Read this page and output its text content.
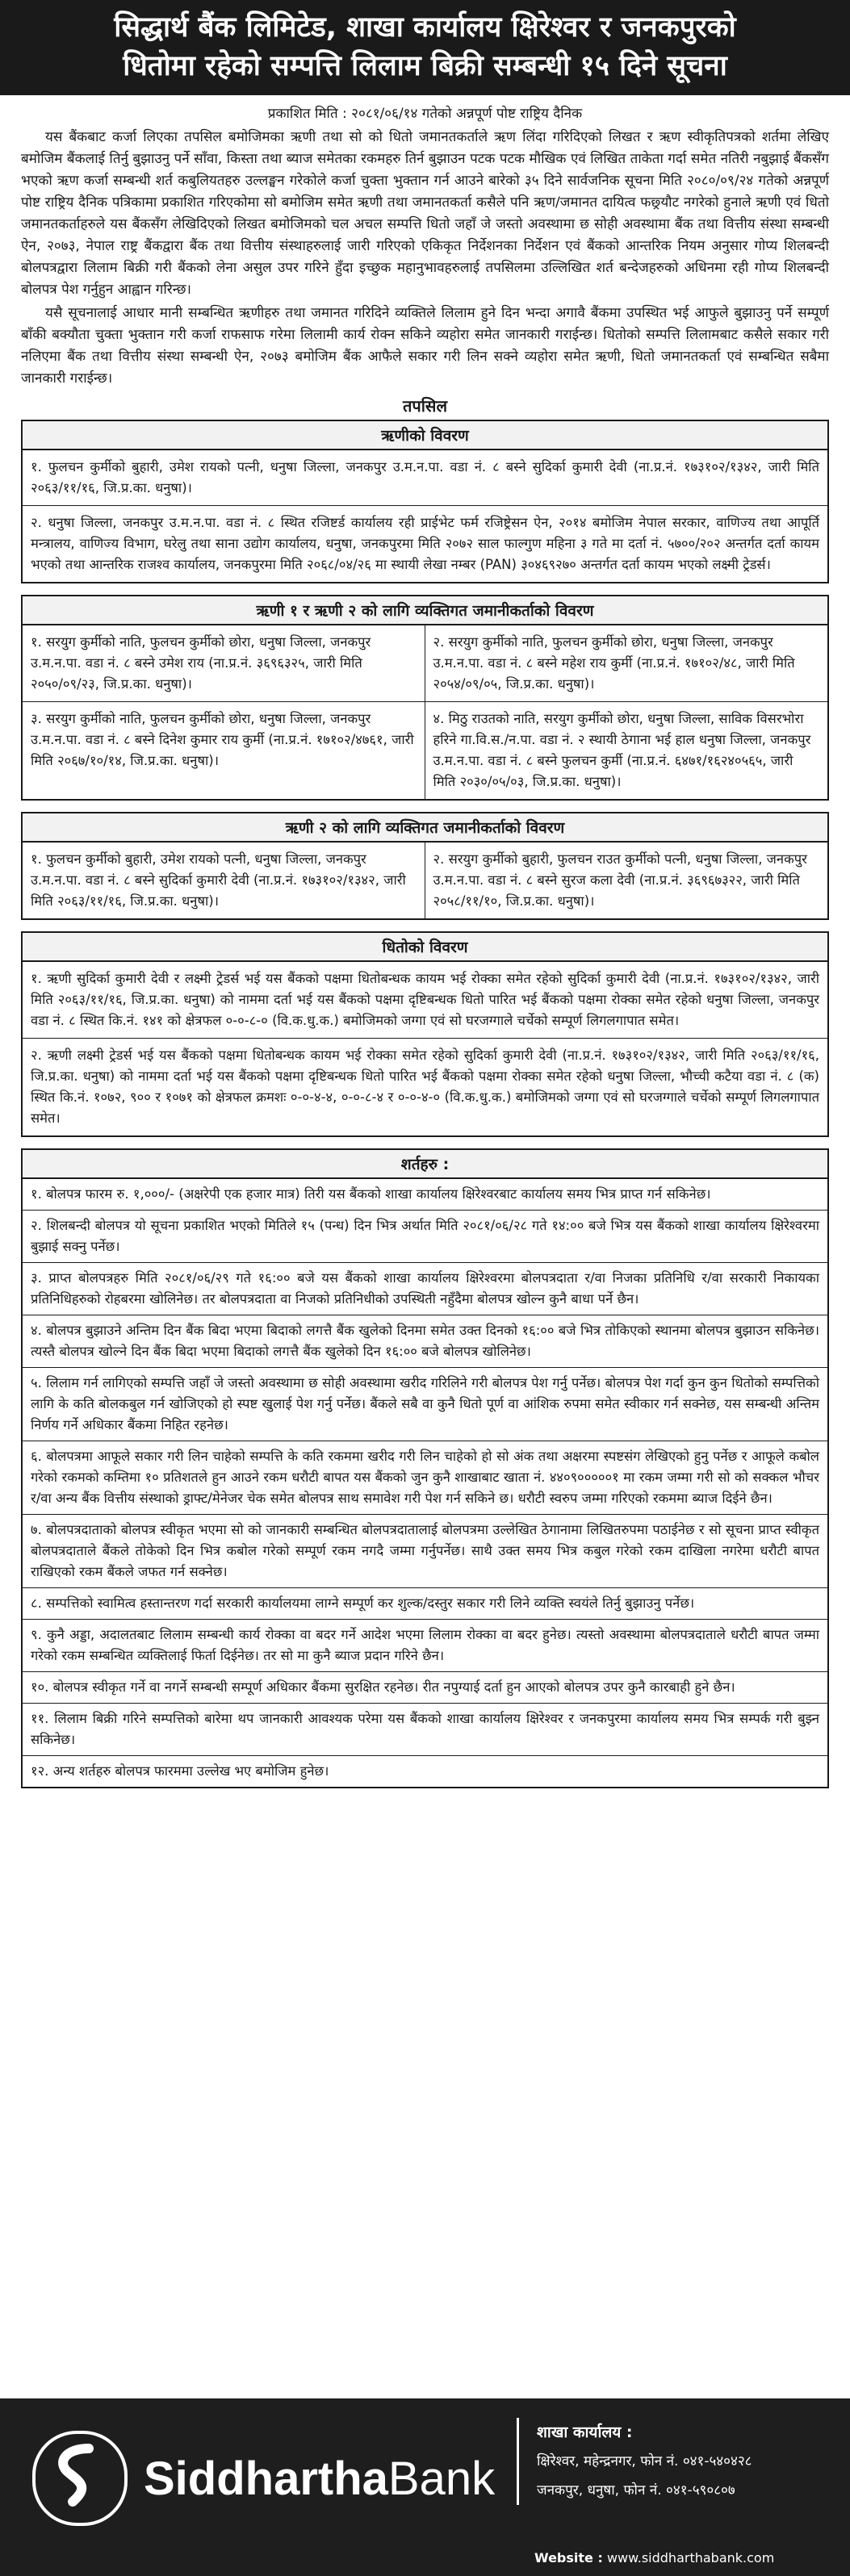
सिद्धार्थ बैंक लिमिटेड, शाखा कार्यालय क्षिरेश्वर र जनकपुरको
धितोमा रहेको सम्पत्ति लिलाम बिक्री सम्बन्धी १५ दिने सूचना
प्रकाशित मिति : २०८१/०६/१४ गतेको अन्नपूर्ण पोष्ट राष्ट्रिय दैनिक

यस बैंकबाट कर्जा लिएका तपसिल बमोजिमका ऋणी तथा सो को धितो जमानतकर्ताले ऋण लिंदा गरिदिएको लिखत र ऋण स्वीकृतिपत्रको शर्तमा लेखिए बमोजिम बैंकलाई तिर्नु बुझाउनु पर्ने साँवा, किस्ता तथा ब्याज समेतका रकमहरु तिर्न बुझाउन पटक पटक मौखिक एवं लिखित ताकेता गर्दा समेत नतिरी नबुझाई बैंकसँग भएको ऋण कर्जा सम्बन्धी शर्त कबुलियतहरु उल्लङ्घन गरेकोले कर्जा चुक्ता भुक्तान गर्न आउने बारेको ३५ दिने सार्वजनिक सूचना मिति २०८०/०९/२४ गतेको अन्नपूर्ण पोष्ट राष्ट्रिय दैनिक पत्रिकामा प्रकाशित गरिएकोमा सो बमोजिम समेत ऋणी तथा जमानतकर्ता कसैले पनि ऋण/जमानत दायित्व फछ्र्यौट नगरेको हुनाले ऋणी एवं धितो जमानतकर्ताहरुले यस बैंकसँग लेखिदिएको लिखत बमोजिमको चल अचल सम्पत्ति धितो जहाँ जे जस्तो अवस्थामा छ सोही अवस्थामा बैंक तथा वित्तीय संस्था सम्बन्धी ऐन, २०७३, नेपाल राष्ट्र बैंकद्वारा बैंक तथा वित्तीय संस्थाहरुलाई जारी गरिएको एकिकृत निर्देशनका निर्देशन एवं बैंकको आन्तरिक नियम अनुसार गोप्य शिलबन्दी बोलपत्रद्वारा लिलाम बिक्री गरी बैंकको लेना असुल उपर गरिने हुँदा इच्छुक महानुभावहरुलाई तपसिलमा उल्लिखित शर्त बन्देजहरुको अधिनमा रही गोप्य शिलबन्दी बोलपत्र पेश गर्नुहुन आह्वान गरिन्छ।

यसै सूचनालाई आधार मानी सम्बन्धित ऋणीहरु तथा जमानत गरिदिने व्यक्तिले लिलाम हुने दिन भन्दा अगावै बैंकमा उपस्थित भई आफुले बुझाउनु पर्ने सम्पूर्ण बाँकी बक्यौता चुक्ता भुक्तान गरी कर्जा राफसाफ गरेमा लिलामी कार्य रोक्न सकिने व्यहोरा समेत जानकारी गराईन्छ। धितोको सम्पत्ति लिलामबाट कसैले सकार गरी नलिएमा बैंक तथा वित्तीय संस्था सम्बन्धी ऐन, २०७३ बमोजिम बैंक आफैले सकार गरी लिन सक्ने व्यहोरा समेत ऋणी, धितो जमानतकर्ता एवं सम्बन्धित सबैमा जानकारी गराईन्छ।

तपसिल
ऋणीको विवरण
१. फुलचन कुर्मीको बुहारी, उमेश रायको पत्नी, धनुषा जिल्ला, जनकपुर उ.म.न.पा. वडा नं. ८ बस्ने सुदिर्का कुमारी देवी (ना.प्र.नं. १७३१०२/१३४२, जारी मिति २०६३/११/१६, जि.प्र.का. धनुषा)।
२. धनुषा जिल्ला, जनकपुर उ.म.न.पा. वडा नं. ८ स्थित रजिष्टर्ड कार्यालय रही प्राईभेट फर्म रजिष्ट्रेसन ऐन, २०१४ बमोजिम नेपाल सरकार, वाणिज्य तथा आपूर्ति मन्त्रालय, वाणिज्य विभाग, घरेलु तथा साना उद्योग कार्यालय, धनुषा, जनकपुरमा मिति २०७२ साल फाल्गुण महिना ३ गते मा दर्ता नं. ५७००/२०२ अन्तर्गत दर्ता कायम भएको तथा आन्तरिक राजश्व कार्यालय, जनकपुरमा मिति २०६८/०४/२६ मा स्थायी लेखा नम्बर (PAN) ३०४६९२७० अन्तर्गत दर्ता कायम भएको लक्ष्मी ट्रेडर्स।
ऋणी १ र ऋणी २ को लागि व्यक्तिगत जमानीकर्ताको विवरण
१. सरयुग कुर्मीको नाति, फुलचन कुर्मीको छोरा, धनुषा जिल्ला, जनकपुर उ.म.न.पा. वडा नं. ८ बस्ने उमेश राय (ना.प्र.नं. ३६९६३२५, जारी मिति २०५०/०९/२३, जि.प्र.का. धनुषा)।
२. सरयुग कुर्मीको नाति, फुलचन कुर्मीको छोरा, धनुषा जिल्ला, जनकपुर उ.म.न.पा. वडा नं. ८ बस्ने महेश राय कुर्मी (ना.प्र.नं. १७१०२/४८, जारी मिति २०५४/०९/०५, जि.प्र.का. धनुषा)।
३. सरयुग कुर्मीको नाति, फुलचन कुर्मीको छोरा, धनुषा जिल्ला, जनकपुर उ.म.न.पा. वडा नं. ८ बस्ने दिनेश कुमार राय कुर्मी (ना.प्र.नं. १७१०२/४७६१, जारी मिति २०६७/१०/१४, जि.प्र.का. धनुषा)।
४. मिठु राउतको नाति, सरयुग कुर्मीको छोरा, धनुषा जिल्ला, साविक विसरभोरा हरिने गा.वि.स./न.पा. वडा नं. २ स्थायी ठेगाना भई हाल धनुषा जिल्ला, जनकपुर उ.म.न.पा. वडा नं. ८ बस्ने फुलचन कुर्मी (ना.प्र.नं. ६४७१/१६२४०५६५, जारी मिति २०३०/०५/०३, जि.प्र.का. धनुषा)।
ऋणी २ को लागि व्यक्तिगत जमानीकर्ताको विवरण
१. फुलचन कुर्मीको बुहारी, उमेश रायको पत्नी, धनुषा जिल्ला, जनकपुर उ.म.न.पा. वडा नं. ८ बस्ने सुदिर्का कुमारी देवी (ना.प्र.नं. १७३१०२/१३४२, जारी मिति २०६३/११/१६, जि.प्र.का. धनुषा)।
२. सरयुग कुर्मीको बुहारी, फुलचन राउत कुर्मीको पत्नी, धनुषा जिल्ला, जनकपुर उ.म.न.पा. वडा नं. ८ बस्ने सुरज कला देवी (ना.प्र.नं. ३६९६७३२२, जारी मिति २०५८/११/१०, जि.प्र.का. धनुषा)।
धितोको विवरण
१. ऋणी सुदिर्का कुमारी देवी र लक्ष्मी ट्रेडर्स भई यस बैंकको पक्षमा धितोबन्धक कायम भई रोक्का समेत रहेको सुदिर्का कुमारी देवी (ना.प्र.नं. १७३१०२/१३४२, जारी मिति २०६३/११/१६, जि.प्र.का. धनुषा) को नाममा दर्ता भई यस बैंकको पक्षमा दृष्टिबन्धक धितो पारित भई बैंकको पक्षमा रोक्का समेत रहेको धनुषा जिल्ला, जनकपुर वडा नं. ८ स्थित कि.नं. १४१ को क्षेत्रफल ०-०-८-० (वि.क.धु.क.) बमोजिमको जग्गा एवं सो घरजग्गाले चर्चेको सम्पूर्ण लिगलगापात समेत।
२. ऋणी लक्ष्मी ट्रेडर्स भई यस बैंकको पक्षमा धितोबन्धक कायम भई रोक्का समेत रहेको सुदिर्का कुमारी देवी (ना.प्र.नं. १७३१०२/१३४२, जारी मिति २०६३/११/१६, जि.प्र.का. धनुषा) को नाममा दर्ता भई यस बैंकको पक्षमा दृष्टिबन्धक धितो पारित भई बैंकको पक्षमा रोक्का समेत रहेको धनुषा जिल्ला, भौच्ची कटैया वडा नं. ८ (क) स्थित कि.नं. १०७२, ९०० र १०७१ को क्षेत्रफल क्रमशः ०-०-४-४, ०-०-८-४ र ०-०-४-० (वि.क.धु.क.) बमोजिमको जग्गा एवं सो घरजग्गाले चर्चेको सम्पूर्ण लिगलगापात समेत।
शर्तहरु :
१. बोलपत्र फारम रु. १,०००/- (अक्षरेपी एक हजार मात्र) तिरी यस बैंकको शाखा कार्यालय क्षिरेश्वरबाट कार्यालय समय भित्र प्राप्त गर्न सकिनेछ।
२. शिलबन्दी बोलपत्र यो सूचना प्रकाशित भएको मितिले १५ (पन्ध) दिन भित्र अर्थात मिति २०८१/०६/२८ गते १४:०० बजे भित्र यस बैंकको शाखा कार्यालय क्षिरेश्वरमा बुझाई सक्नु पर्नेछ।
३. प्राप्त बोलपत्रहरु मिति २०८१/०६/२९ गते १६:०० बजे यस बैंकको शाखा कार्यालय क्षिरेश्वरमा बोलपत्रदाता र/वा निजका प्रतिनिधि र/वा सरकारी निकायका प्रतिनिधिहरुको रोहबरमा खोलिनेछ। तर बोलपत्रदाता वा निजको प्रतिनिधीको उपस्थिती नहुँदैमा बोलपत्र खोल्न कुनै बाधा पर्ने छैन।
४. बोलपत्र बुझाउने अन्तिम दिन बैंक बिदा भएमा बिदाको लगत्तै बैंक खुलेको दिनमा समेत उक्त दिनको १६:०० बजे भित्र तोकिएको स्थानमा बोलपत्र बुझाउन सकिनेछ। त्यस्तै बोलपत्र खोल्ने दिन बैंक बिदा भएमा बिदाको लगत्तै बैंक खुलेको दिन १६:०० बजे बोलपत्र खोलिनेछ।
५. लिलाम गर्न लागिएको सम्पत्ति जहाँ जे जस्तो अवस्थामा छ सोही अवस्थामा खरीद गरिलिने गरी बोलपत्र पेश गर्नु पर्नेछ। बोलपत्र पेश गर्दा कुन कुन धितोको सम्पत्तिको लागि के कति बोलकबुल गर्न खोजिएको हो स्पष्ट खुलाई पेश गर्नु पर्नेछ। बैंकले सबै वा कुनै धितो पूर्ण वा आंशिक रुपमा समेत स्वीकार गर्न सक्नेछ, यस सम्बन्धी अन्तिम निर्णय गर्ने अधिकार बैंकमा निहित रहनेछ।
६. बोलपत्रमा आफूले सकार गरी लिन चाहेको सम्पत्ति के कति रकममा खरीद गरी लिन चाहेको हो सो अंक तथा अक्षरमा स्पष्टसंग लेखिएको हुनु पर्नेछ र आफूले कबोल गरेको रकमको कम्तिमा १० प्रतिशतले हुन आउने रकम धरौटी बापत यस बैंकको जुन कुनै शाखाबाट खाता नं. ४४०९०००००१ मा रकम जम्मा गरी सो को सक्कल भौचर र/वा अन्य बैंक वित्तीय संस्थाको ड्राफ्ट/मेनेजर चेक समेत बोलपत्र साथ समावेश गरी पेश गर्न सकिने छ। धरौटी स्वरुप जम्मा गरिएको रकममा ब्याज दिईने छैन।
७. बोलपत्रदाताको बोलपत्र स्वीकृत भएमा सो को जानकारी सम्बन्धित बोलपत्रदातालाई बोलपत्रमा उल्लेखित ठेगानामा लिखितरुपमा पठाईनेछ र सो सूचना प्राप्त स्वीकृत बोलपत्रदाताले बैंकले तोकेको दिन भित्र कबोल गरेको सम्पूर्ण रकम नगदै जम्मा गर्नुपर्नेछ। साथै उक्त समय भित्र कबुल गरेको रकम दाखिला नगरेमा धरौटी बापत राखिएको रकम बैंकले जफत गर्न सक्नेछ।
८. सम्पत्तिको स्वामित्व हस्तान्तरण गर्दा सरकारी कार्यालयमा लाग्ने सम्पूर्ण कर शुल्क/दस्तुर सकार गरी लिने व्यक्ति स्वयंले तिर्नु बुझाउनु पर्नेछ।
९. कुनै अड्डा, अदालतबाट लिलाम सम्बन्धी कार्य रोक्का वा बदर गर्ने आदेश भएमा लिलाम रोक्का वा बदर हुनेछ। त्यस्तो अवस्थामा बोलपत्रदाताले धरौटी बापत जम्मा गरेको रकम सम्बन्धित व्यक्तिलाई फिर्ता दिईनेछ। तर सो मा कुनै ब्याज प्रदान गरिने छैन।
१०. बोलपत्र स्वीकृत गर्ने वा नगर्ने सम्बन्धी सम्पूर्ण अधिकार बैंकमा सुरक्षित रहनेछ। रीत नपुग्याई दर्ता हुन आएको बोलपत्र उपर कुनै कारबाही हुने छैन।
११. लिलाम बिक्री गरिने सम्पत्तिको बारेमा थप जानकारी आवश्यक परेमा यस बैंकको शाखा कार्यालय क्षिरेश्वर र जनकपुरमा कार्यालय समय भित्र सम्पर्क गरी बुझ्न सकिनेछ।
१२. अन्य शर्तहरु बोलपत्र फारममा उल्लेख भए बमोजिम हुनेछ।
SiddharthaBank
शाखा कार्यालय :
क्षिरेश्वर, महेन्द्रनगर, फोन नं. ०४१-५४०४२८
जनकपुर, धनुषा, फोन नं. ०४१-५९०८०७
Website : www.siddharthabank.com
